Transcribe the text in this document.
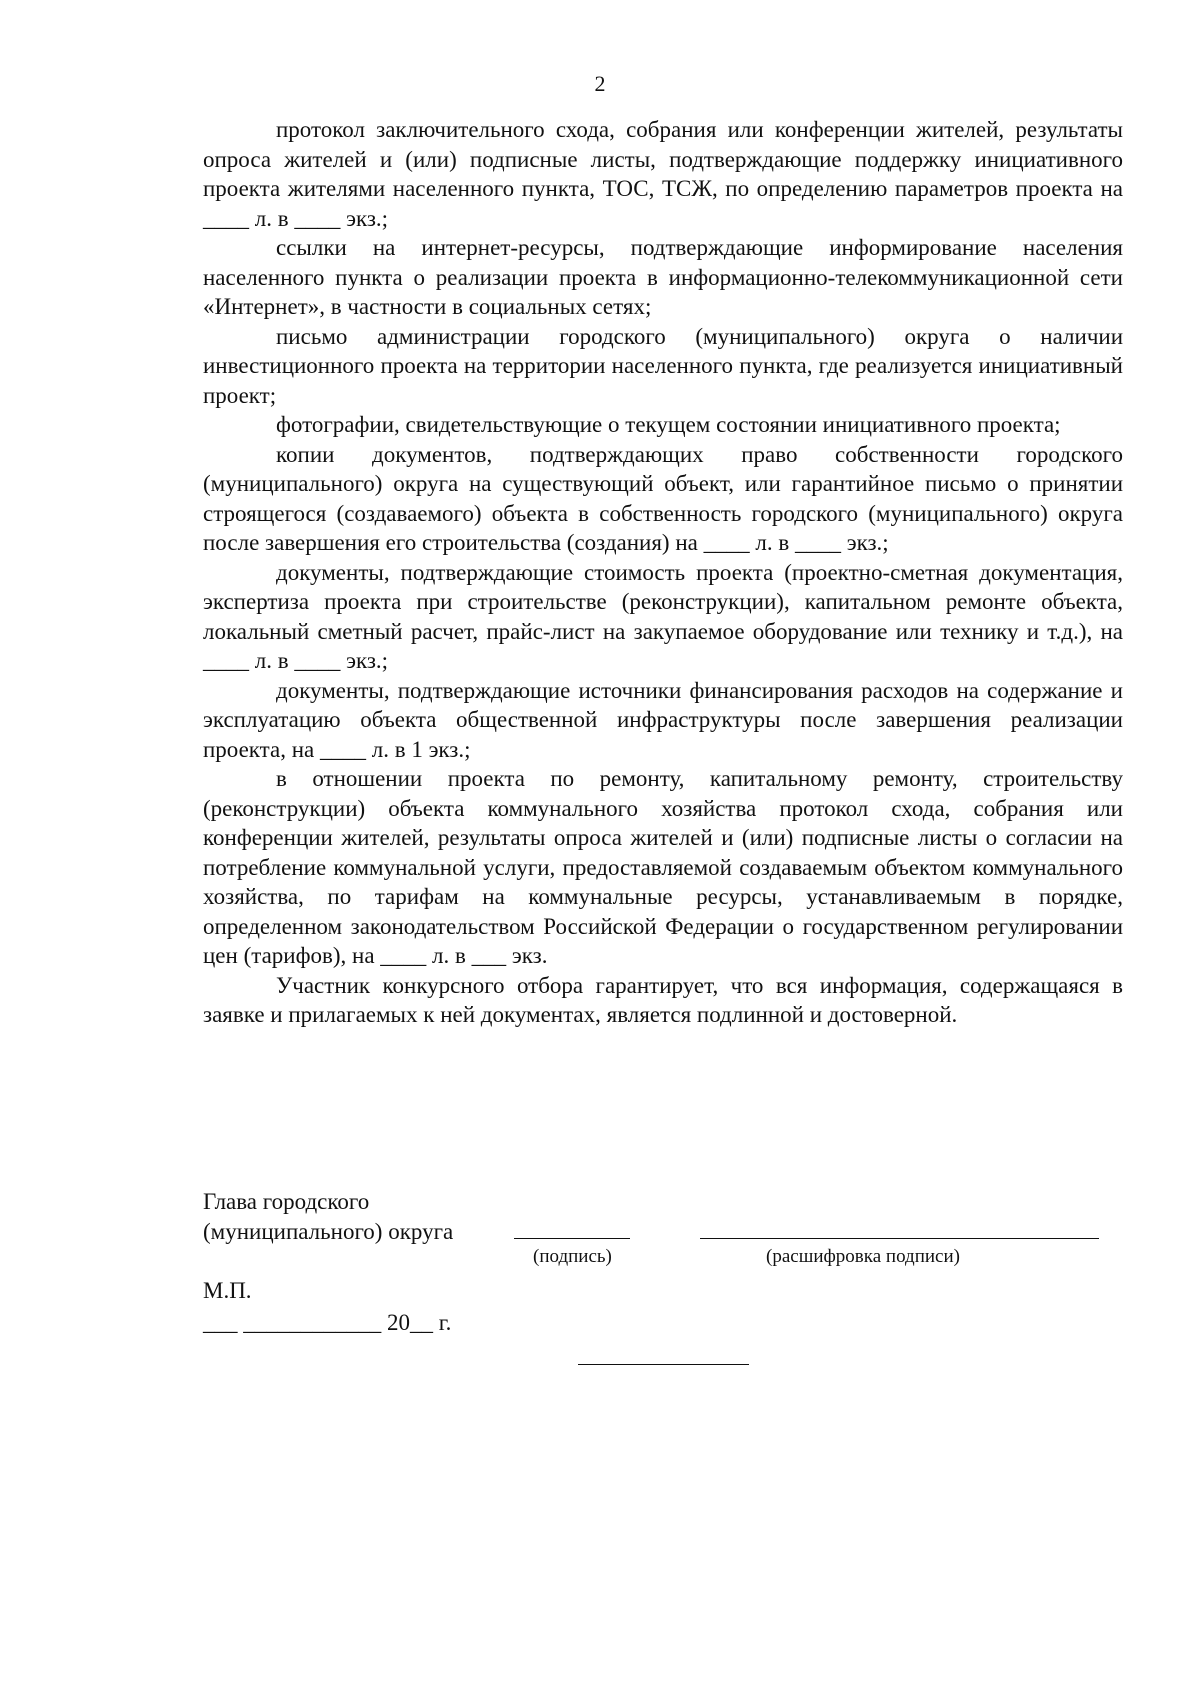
2

протокол заключительного схода, собрания или конференции жителей, результаты опроса жителей и (или) подписные листы, подтверждающие поддержку инициативного проекта жителями населенного пункта, ТОС, ТСЖ, по определению параметров проекта на ____ л. в ____ экз.;

ссылки на интернет-ресурсы, подтверждающие информирование населения населенного пункта о реализации проекта в информационно-телекоммуникационной сети «Интернет», в частности в социальных сетях;

письмо администрации городского (муниципального) округа о наличии инвестиционного проекта на территории населенного пункта, где реализуется инициативный проект;

фотографии, свидетельствующие о текущем состоянии инициативного проекта;

копии документов, подтверждающих право собственности городского (муниципального) округа на существующий объект, или гарантийное письмо о принятии строящегося (создаваемого) объекта в собственность городского (муниципального) округа после завершения его строительства (создания) на ____ л. в ____ экз.;

документы, подтверждающие стоимость проекта (проектно-сметная документация, экспертиза проекта при строительстве (реконструкции), капитальном ремонте объекта, локальный сметный расчет, прайс-лист на закупаемое оборудование или технику и т.д.), на ____ л. в ____ экз.;

документы, подтверждающие источники финансирования расходов на содержание и эксплуатацию объекта общественной инфраструктуры после завершения реализации проекта, на ____ л. в 1 экз.;

в отношении проекта по ремонту, капитальному ремонту, строительству (реконструкции) объекта коммунального хозяйства протокол схода, собрания или конференции жителей, результаты опроса жителей и (или) подписные листы о согласии на потребление коммунальной услуги, предоставляемой создаваемым объектом коммунального хозяйства, по тарифам на коммунальные ресурсы, устанавливаемым в порядке, определенном законодательством Российской Федерации о государственном регулировании цен (тарифов), на ____ л. в ___ экз.

Участник конкурсного отбора гарантирует, что вся информация, содержащаяся в заявке и прилагаемых к ней документах, является подлинной и достоверной.

Глава городского
(муниципального) округа
(подпись)	(расшифровка подписи)
М.П.
___ ____________ 20__ г.
